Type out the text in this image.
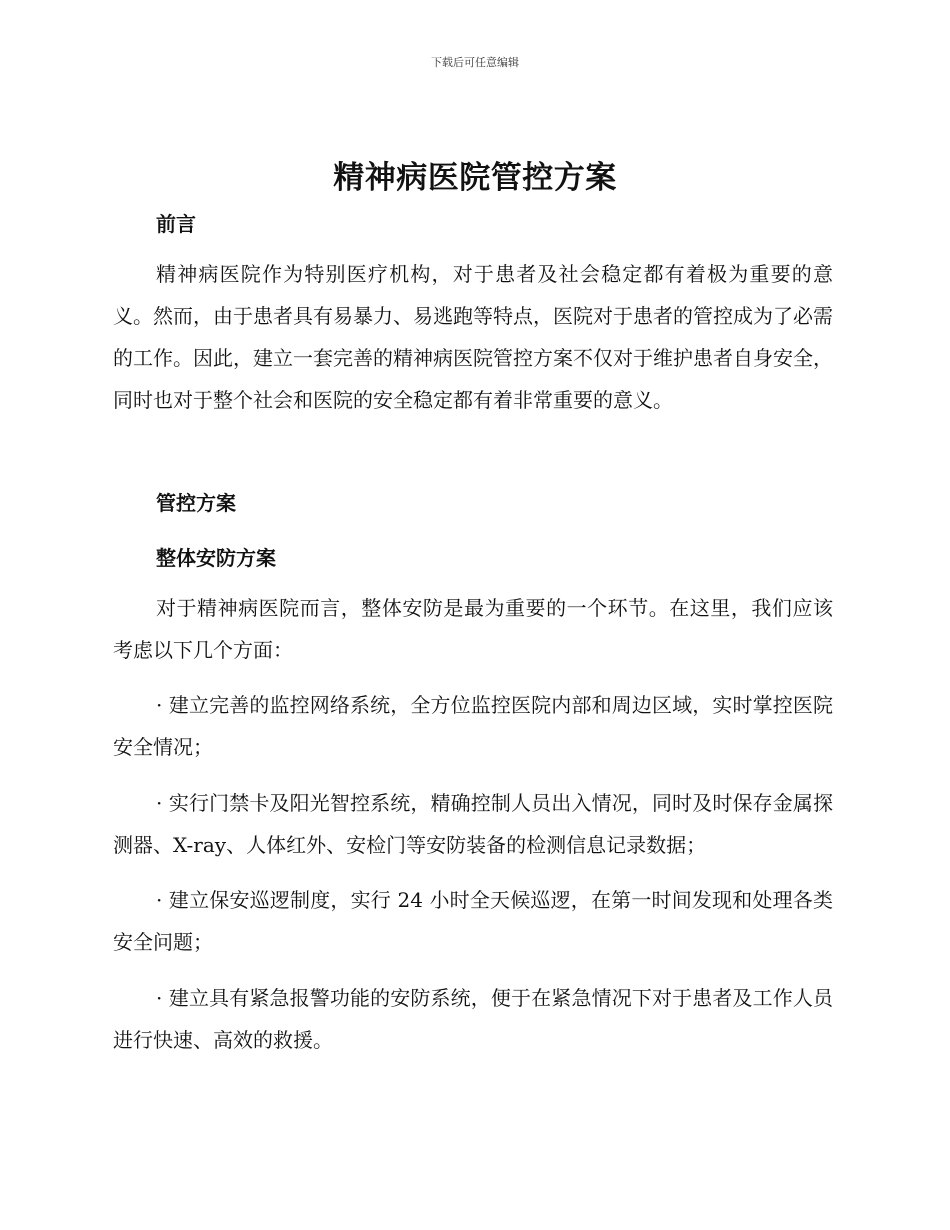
下载后可任意编辑
精神病医院管控方案
前言

精神病医院作为特别医疗机构，对于患者及社会稳定都有着极为重要的意义。然而，由于患者具有易暴力、易逃跑等特点，医院对于患者的管控成为了必需的工作。因此，建立一套完善的精神病医院管控方案不仅对于维护患者自身安全，同时也对于整个社会和医院的安全稳定都有着非常重要的意义。

管控方案
整体安防方案

对于精神病医院而言，整体安防是最为重要的一个环节。在这里，我们应该考虑以下几个方面：

· 建立完善的监控网络系统，全方位监控医院内部和周边区域，实时掌控医院安全情况；

· 实行门禁卡及阳光智控系统，精确控制人员出入情况，同时及时保存金属探测器、X-ray、人体红外、安检门等安防装备的检测信息记录数据；

· 建立保安巡逻制度，实行 24 小时全天候巡逻，在第一时间发现和处理各类安全问题；

· 建立具有紧急报警功能的安防系统，便于在紧急情况下对于患者及工作人员进行快速、高效的救援。
